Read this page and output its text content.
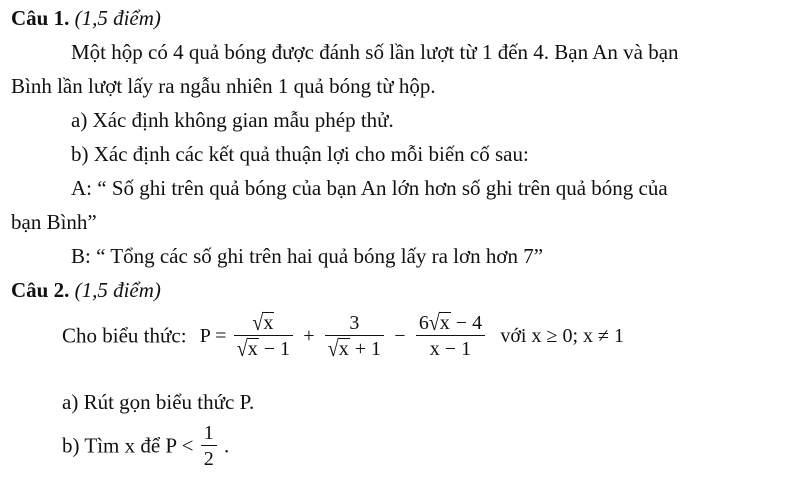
Câu 1. (1,5 điểm)
Một hộp có 4 quả bóng được đánh số lần lượt từ 1 đến 4. Bạn An và bạn
Bình lần lượt lấy ra ngẫu nhiên 1 quả bóng từ hộp.
a) Xác định không gian mẫu phép thử.
b) Xác định các kết quả thuận lợi cho mỗi biến cố sau:
A: “ Số ghi trên quả bóng của bạn An lớn hơn số ghi trên quả bóng của
bạn Bình”
B: “ Tổng các số ghi trên hai quả bóng lấy ra lơn hơn 7”
Câu 2. (1,5 điểm)
Cho biểu thức: $P = \frac{√x}{√x - 1} + \frac{3}{√x + 1} - \frac{6√x - 4}{x - 1}$ với x ≥ 0; x ≠ 1
a) Rút gọn biểu thức P.
b) Tìm x để $P < \frac{1}{2}$ .
